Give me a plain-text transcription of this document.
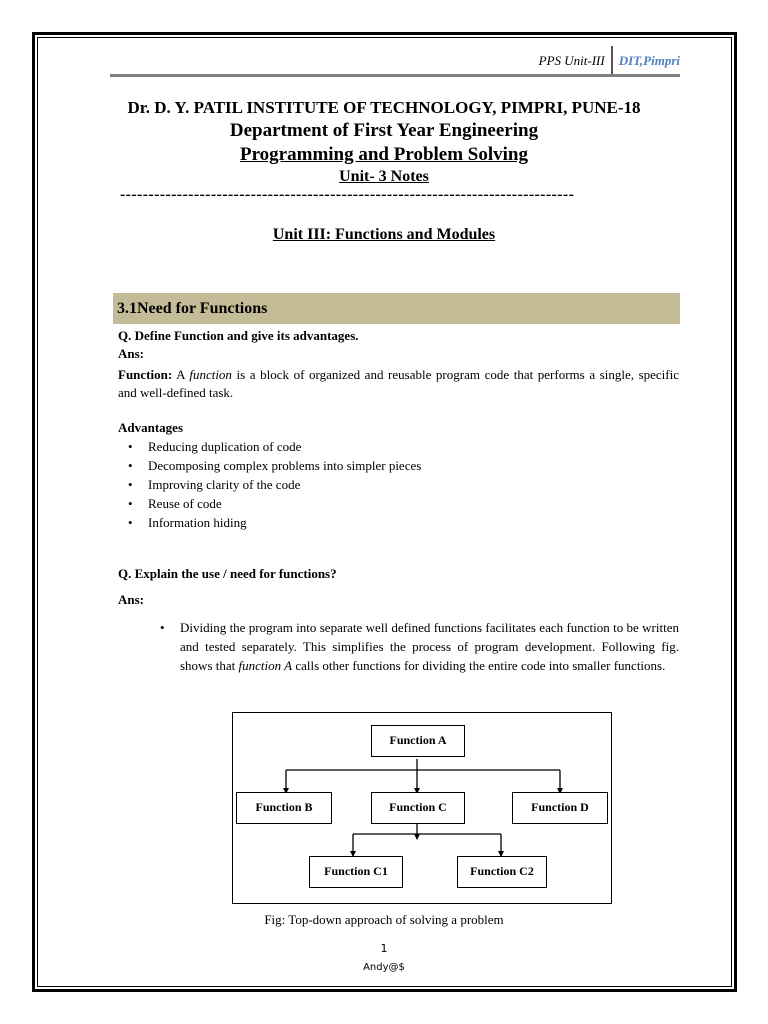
PPS Unit-III	DIT,Pimpri
Dr. D. Y. PATIL INSTITUTE OF TECHNOLOGY, PIMPRI, PUNE-18
Department of First Year Engineering
Programming and Problem Solving
Unit- 3 Notes
--------------------------------------------------------------------------------
Unit III: Functions and Modules
3.1Need for Functions
Q. Define Function and give its advantages.
Ans:
Function: A function is a block of organized and reusable program code that performs a single, specific and well-defined task.
Advantages
• Reducing duplication of code
• Decomposing complex problems into simpler pieces
• Improving clarity of the code
• Reuse of code
• Information hiding
Q. Explain the use / need for functions?
Ans:
• Dividing the program into separate well defined functions facilitates each function to be written and tested separately. This simplifies the process of program development. Following fig. shows that function A calls other functions for dividing the entire code into smaller functions.
Function A
Function B	Function C	Function D
Function C1	Function C2
Fig: Top-down approach of solving a problem
1
Andy@$
